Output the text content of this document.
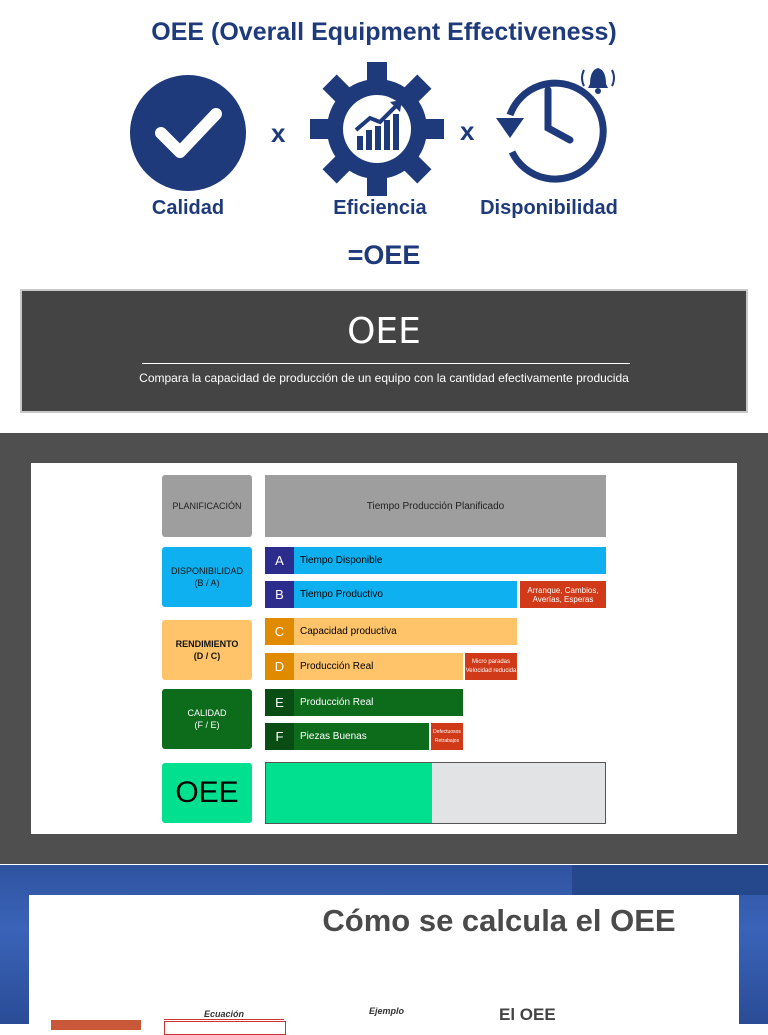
OEE (Overall Equipment Effectiveness)
x	x
Calidad	Eficiencia	Disponibilidad
=OEE
OEE
Compara la capacidad de producción de un equipo con la cantidad efectivamente producida
PLANIFICACIÓN
DISPONIBILIDAD
(B / A)
RENDIMIENTO
(D / C)
CALIDAD
(F / E)
OEE
Tiempo Producción Planificado
A	Tiempo Disponible
B	Tiempo Productivo	Arranque, Cambios, Averías, Esperas
C	Capacidad productiva
D	Producción Real	Micro paradas Velocidad reducida
E	Producción Real
F	Piezas Buenas	Defectuosos Retrabajos
Cómo se calcula el OEE
Ecuación	Ejemplo	El OEE
